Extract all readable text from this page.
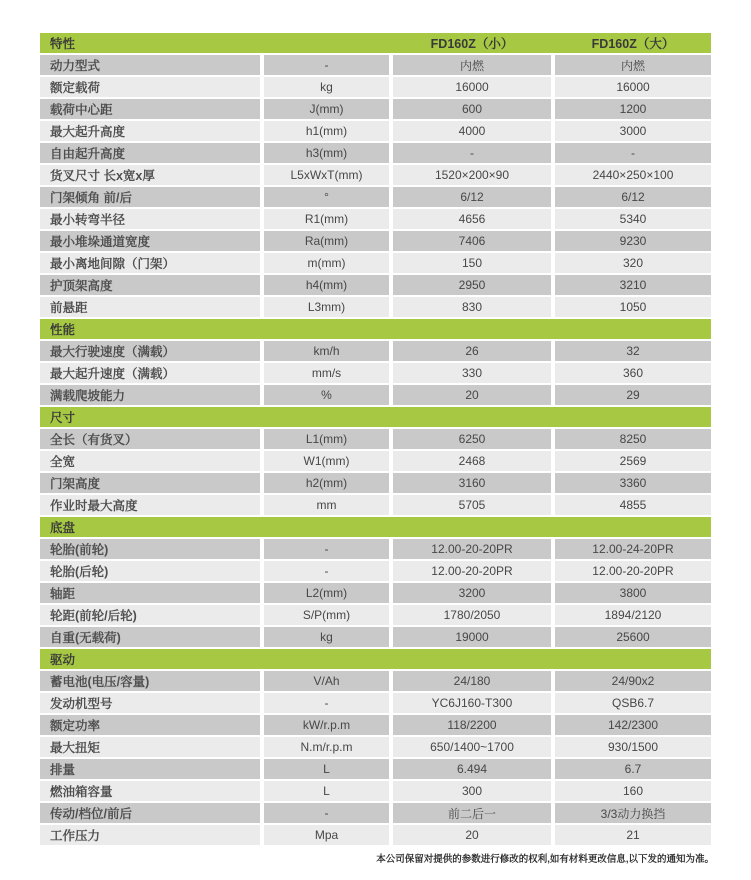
特性	FD160Z（小）	FD160Z（大）
动力型式	-	内燃	内燃
额定载荷	kg	16000	16000
载荷中心距	J(mm)	600	1200
最大起升高度	h1(mm)	4000	3000
自由起升高度	h3(mm)	-	-
货叉尺寸 长x宽x厚	L5xWxT(mm)	1520×200×90	2440×250×100
门架倾角 前/后	°	6/12	6/12
最小转弯半径	R1(mm)	4656	5340
最小堆垛通道宽度	Ra(mm)	7406	9230
最小离地间隙（门架）	m(mm)	150	320
护顶架高度	h4(mm)	2950	3210
前悬距	L3mm)	830	1050
性能
最大行驶速度（满载）	km/h	26	32
最大起升速度（满载）	mm/s	330	360
满载爬坡能力	%	20	29
尺寸
全长（有货叉）	L1(mm)	6250	8250
全宽	W1(mm)	2468	2569
门架高度	h2(mm)	3160	3360
作业时最大高度	mm	5705	4855
底盘
轮胎(前轮)	-	12.00-20-20PR	12.00-24-20PR
轮胎(后轮)	-	12.00-20-20PR	12.00-20-20PR
轴距	L2(mm)	3200	3800
轮距(前轮/后轮)	S/P(mm)	1780/2050	1894/2120
自重(无载荷)	kg	19000	25600
驱动
蓄电池(电压/容量)	V/Ah	24/180	24/90x2
发动机型号	-	YC6J160-T300	QSB6.7
额定功率	kW/r.p.m	118/2200	142/2300
最大扭矩	N.m/r.p.m	650/1400~1700	930/1500
排量	L	6.494	6.7
燃油箱容量	L	300	160
传动/档位/前后	-	前二后一	3/3动力换挡
工作压力	Mpa	20	21
本公司保留对提供的参数进行修改的权利,如有材料更改信息,以下发的通知为准。
